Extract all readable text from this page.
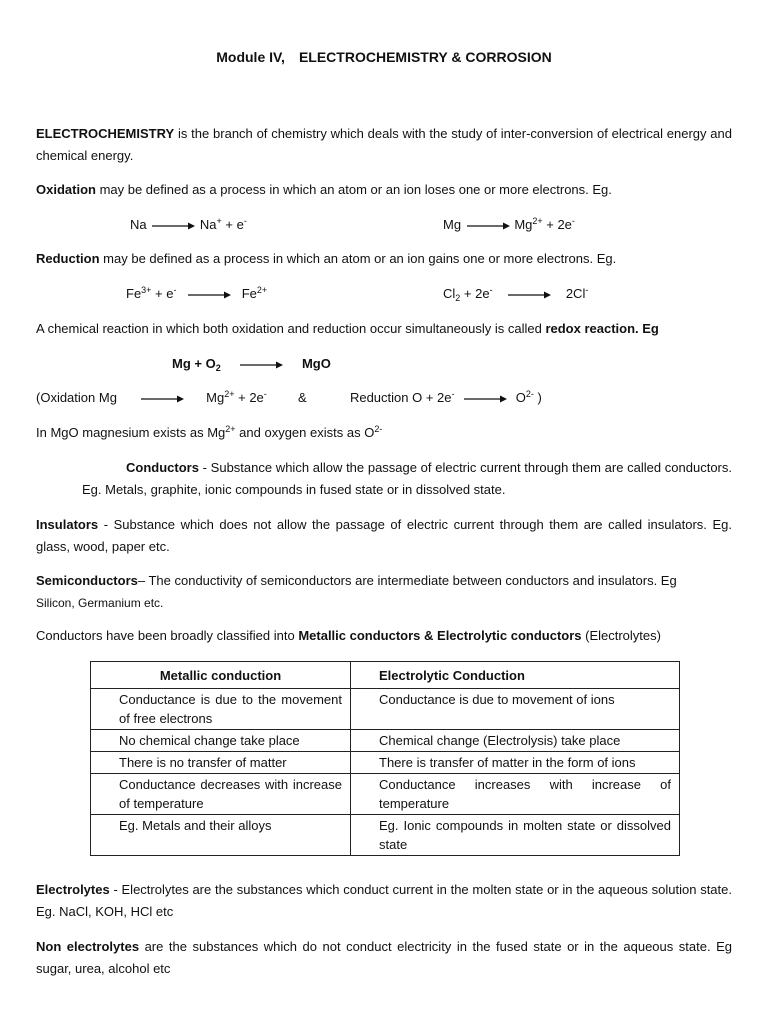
Module IV, ELECTROCHEMISTRY & CORROSION
ELECTROCHEMISTRY is the branch of chemistry which deals with the study of inter-conversion of electrical energy and chemical energy.
Oxidation may be defined as a process in which an atom or an ion loses one or more electrons. Eg.
Na → Na+ + e-	$Mg \to Mg^{2+} + 2e^-$
Reduction may be defined as a process in which an atom or an ion gains one or more electrons. Eg.
$Fe^{3+} + e^- \to Fe^{2+}$	$Cl_2 + 2e^- \to 2Cl^-$
A chemical reaction in which both oxidation and reduction occur simultaneously is called redox reaction. Eg
$Mg + O_2$ → MgO
(Oxidation Mg	$Mg^{2+} + 2e^-$ &	Reduction $O + 2e^- \to O^{2-}$ )
In MgO magnesium exists as $Mg^{2+}$ and oxygen exists as $O^{2-}$
Conductors - Substance which allow the passage of electric current through them are called conductors. Eg. Metals, graphite, ionic compounds in fused state or in dissolved state.
Insulators - Substance which does not allow the passage of electric current through them are called insulators. Eg. glass, wood, paper etc.
Semiconductors– The conductivity of semiconductors are intermediate between conductors and insulators. Eg
Silicon, Germanium etc.
Conductors have been broadly classified into Metallic conductors & Electrolytic conductors (Electrolytes)
Metallic conduction	Electrolytic Conduction
Conductance is due to the movement of free electrons	Conductance is due to movement of ions
No chemical change take place	Chemical change (Electrolysis) take place
There is no transfer of matter	There is transfer of matter in the form of ions
Conductance decreases with increase of temperature	Conductance increases with increase of temperature
Eg. Metals and their alloys	Eg. Ionic compounds in molten state or dissolved state
Electrolytes - Electrolytes are the substances which conduct current in the molten state or in the aqueous solution state. Eg. NaCl, KOH, HCl etc
Non electrolytes are the substances which do not conduct electricity in the fused state or in the aqueous state. Eg sugar, urea, alcohol etc
